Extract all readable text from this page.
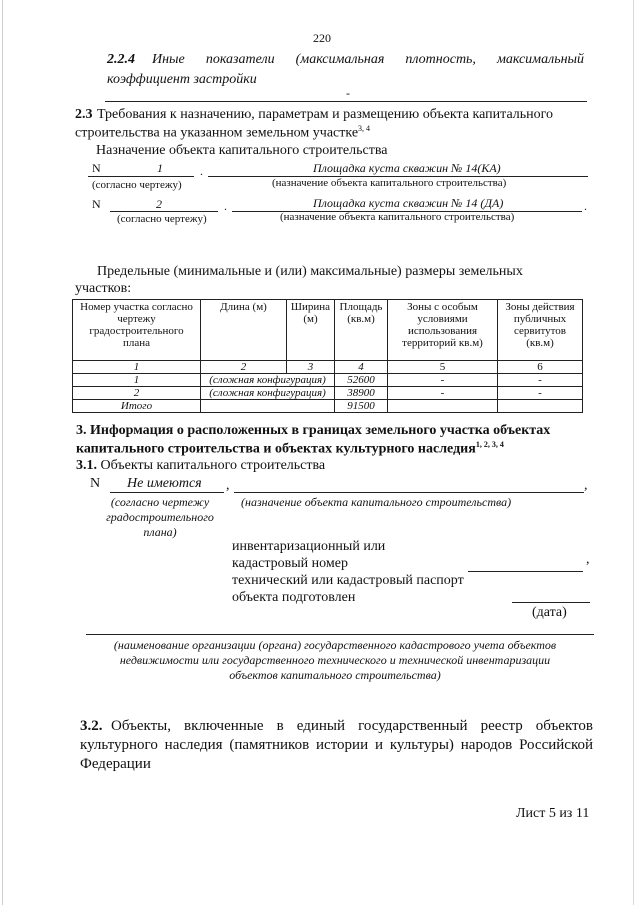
220
2.2.4 Иные показатели (максимальная плотность, максимальный
коэффициент застройки
-
2.3 Требования к назначению, параметрам и размещению объекта капитального
строительства на указанном земельном участке$^{3, 4}$
Назначение объекта капитального строительства
N	1	Площадка куста скважин № 14(КА)
.
(согласно чертежу)	(назначение объекта капитального строительства)
N	2	Площадка куста скважин № 14 (ДА)
.	.
(согласно чертежу)	(назначение объекта капитального строительства)
Предельные (минимальные и (или) максимальные) размеры земельных
участков:
Номер участка согласно чертежу градостроительного плана	Длина (м)	Ширина (м)	Площадь (кв.м)	Зоны с особым условиями использования территорий кв.м)	Зоны действия публичных сервитутов (кв.м)
1	2	3	4	5	6
1	(сложная конфигурация)		52600	-	-
2	(сложная конфигурация)		38900	-	-
Итого			91500		
3. Информация о расположенных в границах земельного участка объектах
капитального строительства и объектах культурного наследия$^{1, 2, 3, 4}$
3.1. Объекты капитального строительства
N Не имеются ,	,
(согласно чертежу
градостроительного
плана)
(назначение объекта капитального строительства)
инвентаризационный или
кадастровый номер	,
технический или кадастровый паспорт
объекта подготовлен
(дата)
(наименование организации (органа) государственного кадастрового учета объектов
недвижимости или государственного технического и технической инвентаризации
объектов капитального строительства)
3.2. Объекты, включенные в единый государственный реестр объектов
культурного наследия (памятников истории и культуры) народов Российской
Федерации
Лист 5 из 11
